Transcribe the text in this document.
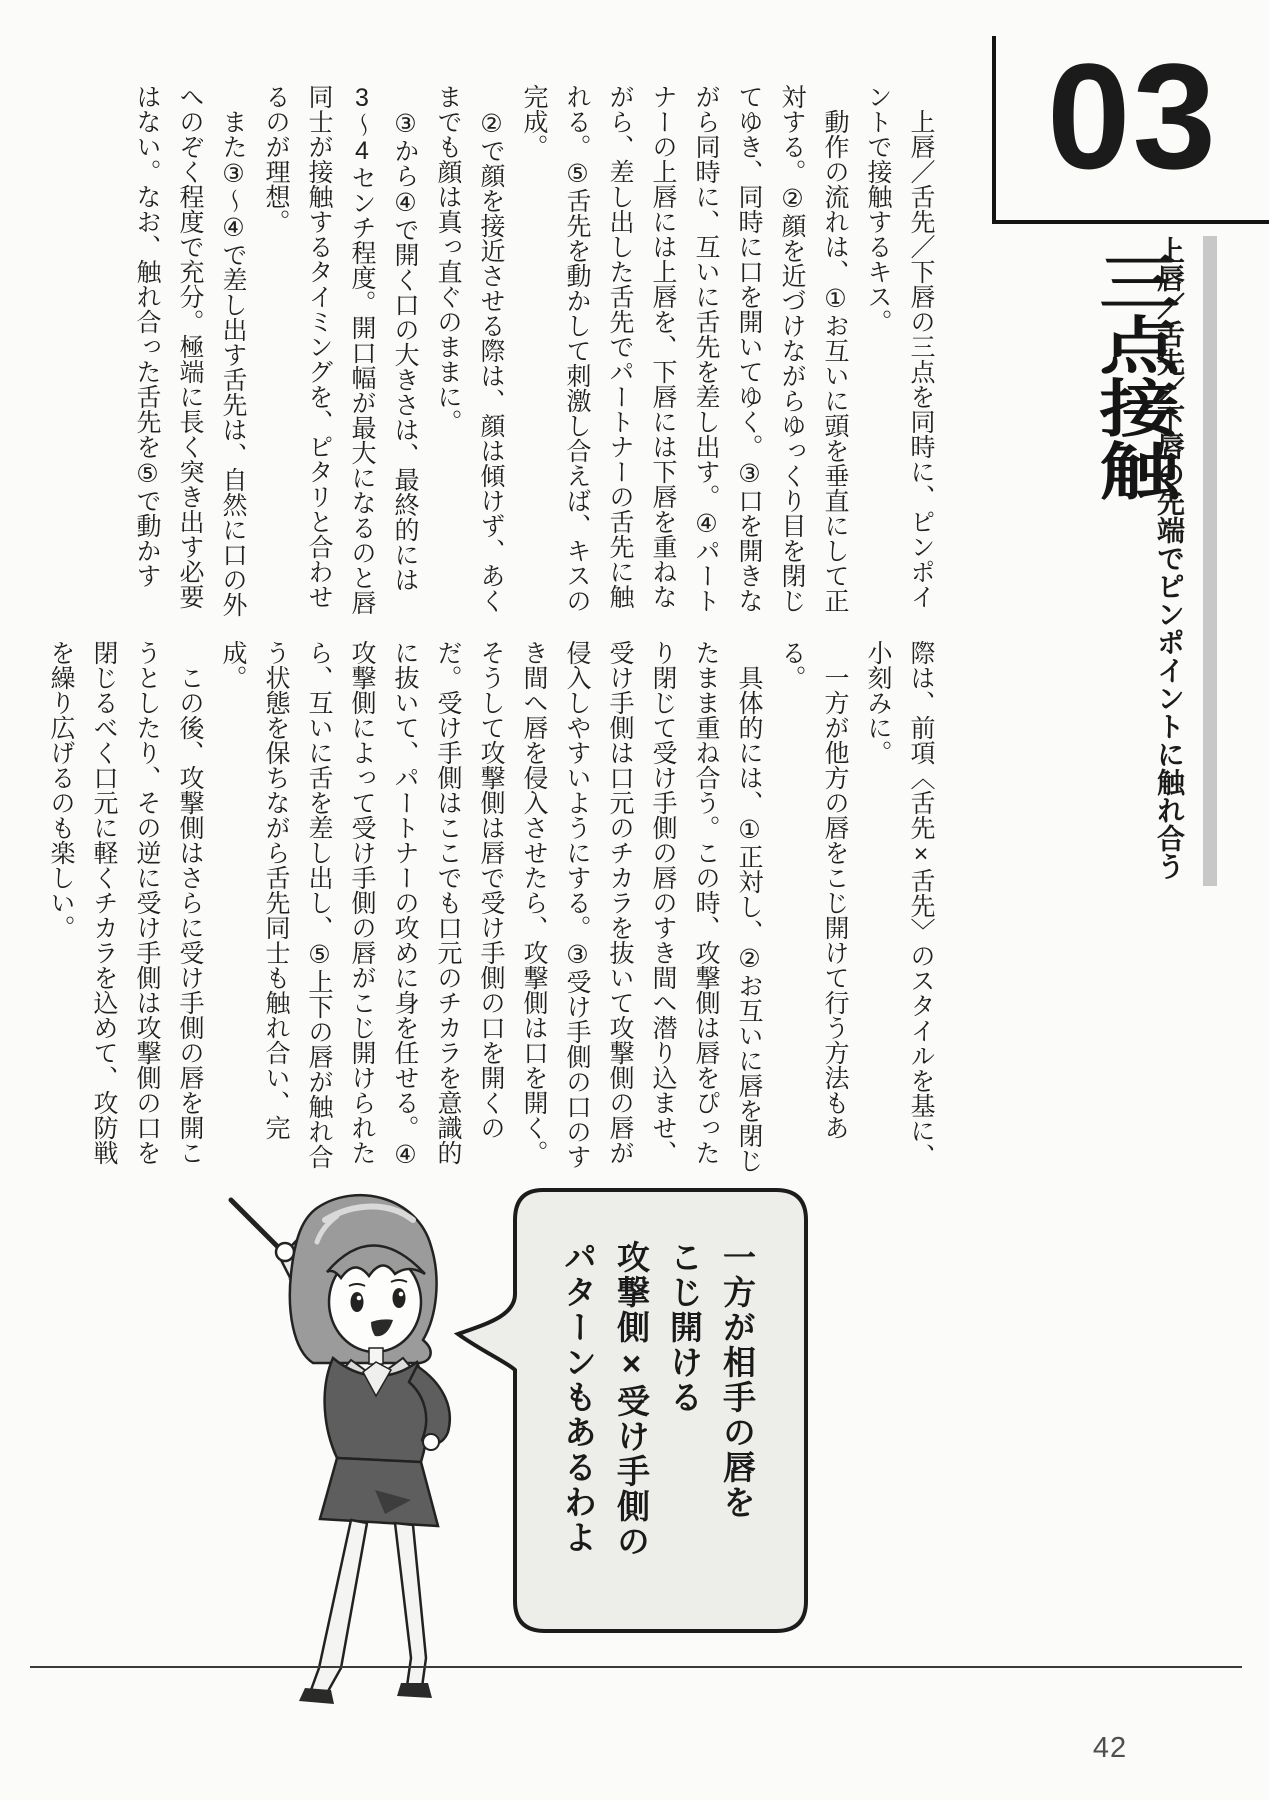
03
三点接触
上唇／舌先／下唇の先端でピンポイントに触れ合う

上唇／舌先／下唇の三点を同時に、ピンポイントで接触するキス。

動作の流れは、①お互いに頭を垂直にして正対する。②顔を近づけながらゆっくり目を閉じてゆき、同時に口を開いてゆく。③口を開きながら同時に、互いに舌先を差し出す。④パートナーの上唇には上唇を、下唇には下唇を重ねながら、差し出した舌先でパートナーの舌先に触れる。⑤舌先を動かして刺激し合えば、キスの完成。

②で顔を接近させる際は、顔は傾けず、あくまでも顔は真っ直ぐのままに。

③から④で開く口の大きさは、最終的には3〜4センチ程度。開口幅が最大になるのと唇同士が接触するタイミングを、ピタリと合わせるのが理想。

また③〜④で差し出す舌先は、自然に口の外へのぞく程度で充分。極端に長く突き出す必要はない。なお、触れ合った舌先を⑤で動かす

際は、前項〈舌先×舌先〉のスタイルを基に、小刻みに。

一方が他方の唇をこじ開けて行う方法もある。

具体的には、①正対し、②お互いに唇を閉じたまま重ね合う。この時、攻撃側は唇をぴったり閉じて受け手側の唇のすき間へ潜り込ませ、受け手側は口元のチカラを抜いて攻撃側の唇が侵入しやすいようにする。③受け手側の口のすき間へ唇を侵入させたら、攻撃側は口を開く。そうして攻撃側は唇で受け手側の口を開くのだ。受け手側はここでも口元のチカラを意識的に抜いて、パートナーの攻めに身を任せる。④攻撃側によって受け手側の唇がこじ開けられたら、互いに舌を差し出し、⑤上下の唇が触れ合う状態を保ちながら舌先同士も触れ合い、完成。

この後、攻撃側はさらに受け手側の唇を開こうとしたり、その逆に受け手側は攻撃側の口を閉じるべく口元に軽くチカラを込めて、攻防戦を繰り広げるのも楽しい。

一方が相手の唇を
こじ開ける
攻撃側×受け手側の
パターンもあるわよ
42
